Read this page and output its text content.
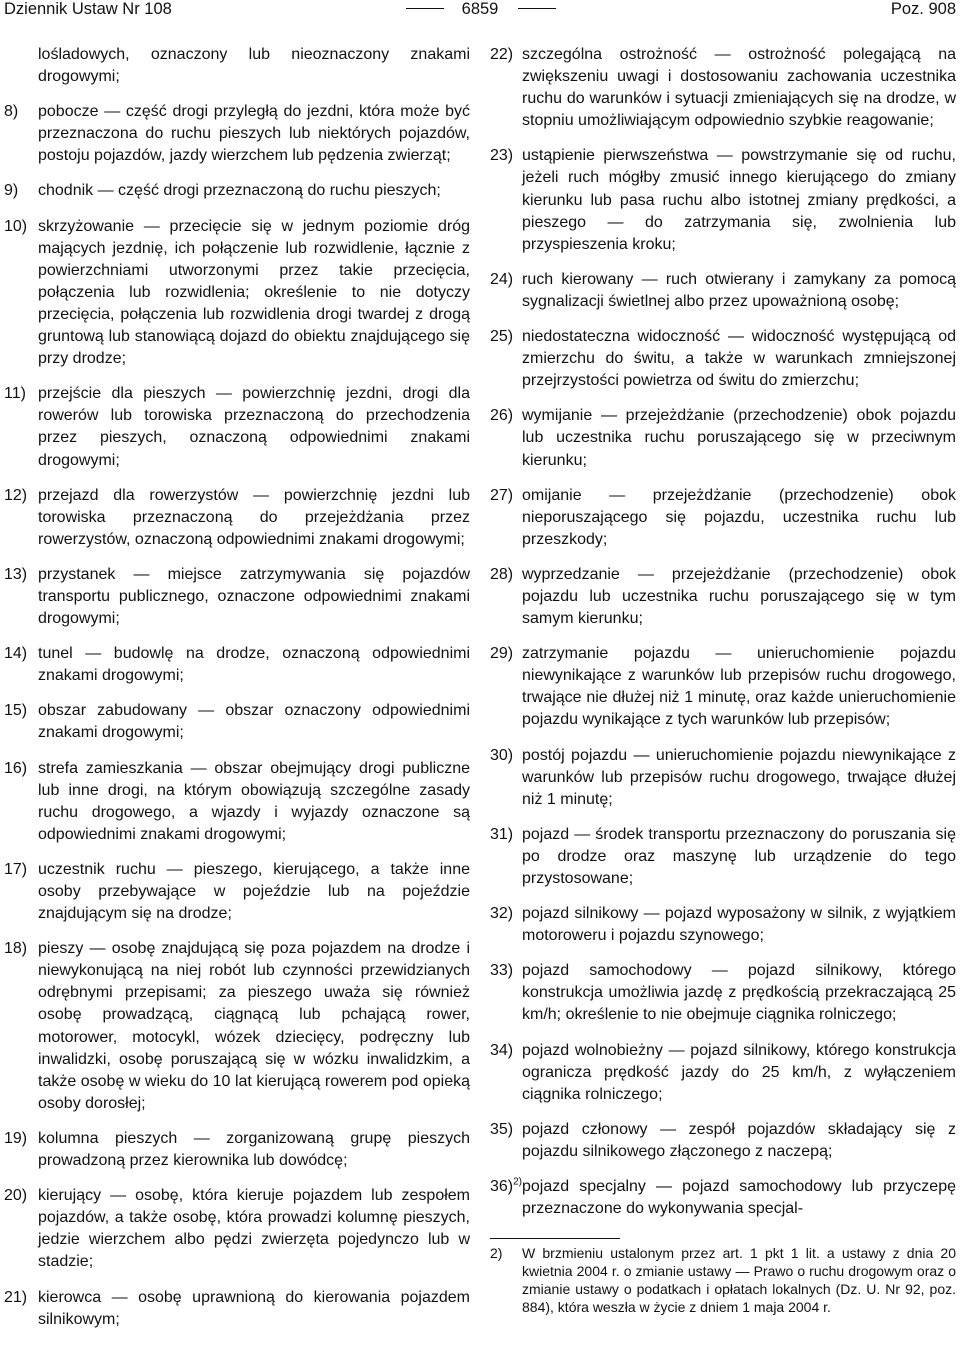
Dziennik Ustaw Nr 108	6859	Poz. 908
lośladowych, oznaczony lub nieoznaczony znakami drogowymi;
8) pobocze — część drogi przyległą do jezdni, która może być przeznaczona do ruchu pieszych lub niektórych pojazdów, postoju pojazdów, jazdy wierzchem lub pędzenia zwierząt;
9) chodnik — część drogi przeznaczoną do ruchu pieszych;
10) skrzyżowanie — przecięcie się w jednym poziomie dróg mających jezdnię, ich połączenie lub rozwidlenie, łącznie z powierzchniami utworzonymi przez takie przecięcia, połączenia lub rozwidlenia; określenie to nie dotyczy przecięcia, połączenia lub rozwidlenia drogi twardej z drogą gruntową lub stanowiącą dojazd do obiektu znajdującego się przy drodze;
11) przejście dla pieszych — powierzchnię jezdni, drogi dla rowerów lub torowiska przeznaczoną do przechodzenia przez pieszych, oznaczoną odpowiednimi znakami drogowymi;
12) przejazd dla rowerzystów — powierzchnię jezdni lub torowiska przeznaczoną do przejeżdżania przez rowerzystów, oznaczoną odpowiednimi znakami drogowymi;
13) przystanek — miejsce zatrzymywania się pojazdów transportu publicznego, oznaczone odpowiednimi znakami drogowymi;
14) tunel — budowlę na drodze, oznaczoną odpowiednimi znakami drogowymi;
15) obszar zabudowany — obszar oznaczony odpowiednimi znakami drogowymi;
16) strefa zamieszkania — obszar obejmujący drogi publiczne lub inne drogi, na którym obowiązują szczególne zasady ruchu drogowego, a wjazdy i wyjazdy oznaczone są odpowiednimi znakami drogowymi;
17) uczestnik ruchu — pieszego, kierującego, a także inne osoby przebywające w pojeździe lub na pojeździe znajdującym się na drodze;
18) pieszy — osobę znajdującą się poza pojazdem na drodze i niewykonującą na niej robót lub czynności przewidzianych odrębnymi przepisami; za pieszego uważa się również osobę prowadzącą, ciągnącą lub pchającą rower, motorower, motocykl, wózek dziecięcy, podręczny lub inwalidzki, osobę poruszającą się w wózku inwalidzkim, a także osobę w wieku do 10 lat kierującą rowerem pod opieką osoby dorosłej;
19) kolumna pieszych — zorganizowaną grupę pieszych prowadzoną przez kierownika lub dowódcę;
20) kierujący — osobę, która kieruje pojazdem lub zespołem pojazdów, a także osobę, która prowadzi kolumnę pieszych, jedzie wierzchem albo pędzi zwierzęta pojedynczo lub w stadzie;
21) kierowca — osobę uprawnioną do kierowania pojazdem silnikowym;
22) szczególna ostrożność — ostrożność polegającą na zwiększeniu uwagi i dostosowaniu zachowania uczestnika ruchu do warunków i sytuacji zmieniających się na drodze, w stopniu umożliwiającym odpowiednio szybkie reagowanie;
23) ustąpienie pierwszeństwa — powstrzymanie się od ruchu, jeżeli ruch mógłby zmusić innego kierującego do zmiany kierunku lub pasa ruchu albo istotnej zmiany prędkości, a pieszego — do zatrzymania się, zwolnienia lub przyspieszenia kroku;
24) ruch kierowany — ruch otwierany i zamykany za pomocą sygnalizacji świetlnej albo przez upoważnioną osobę;
25) niedostateczna widoczność — widoczność występującą od zmierzchu do świtu, a także w warunkach zmniejszonej przejrzystości powietrza od świtu do zmierzchu;
26) wymijanie — przejeżdżanie (przechodzenie) obok pojazdu lub uczestnika ruchu poruszającego się w przeciwnym kierunku;
27) omijanie — przejeżdżanie (przechodzenie) obok nieporuszającego się pojazdu, uczestnika ruchu lub przeszkody;
28) wyprzedzanie — przejeżdżanie (przechodzenie) obok pojazdu lub uczestnika ruchu poruszającego się w tym samym kierunku;
29) zatrzymanie pojazdu — unieruchomienie pojazdu niewynikające z warunków lub przepisów ruchu drogowego, trwające nie dłużej niż 1 minutę, oraz każde unieruchomienie pojazdu wynikające z tych warunków lub przepisów;
30) postój pojazdu — unieruchomienie pojazdu niewynikające z warunków lub przepisów ruchu drogowego, trwające dłużej niż 1 minutę;
31) pojazd — środek transportu przeznaczony do poruszania się po drodze oraz maszynę lub urządzenie do tego przystosowane;
32) pojazd silnikowy — pojazd wyposażony w silnik, z wyjątkiem motoroweru i pojazdu szynowego;
33) pojazd samochodowy — pojazd silnikowy, którego konstrukcja umożliwia jazdę z prędkością przekraczającą 25 km/h; określenie to nie obejmuje ciągnika rolniczego;
34) pojazd wolnobieżny — pojazd silnikowy, którego konstrukcja ogranicza prędkość jazdy do 25 km/h, z wyłączeniem ciągnika rolniczego;
35) pojazd członowy — zespół pojazdów składający się z pojazdu silnikowego złączonego z naczepą;
36)$^{2)}$ pojazd specjalny — pojazd samochodowy lub przyczepę przeznaczone do wykonywania specjal-
2) W brzmieniu ustalonym przez art. 1 pkt 1 lit. a ustawy z dnia 20 kwietnia 2004 r. o zmianie ustawy — Prawo o ruchu drogowym oraz o zmianie ustawy o podatkach i opłatach lokalnych (Dz. U. Nr 92, poz. 884), która weszła w życie z dniem 1 maja 2004 r.
